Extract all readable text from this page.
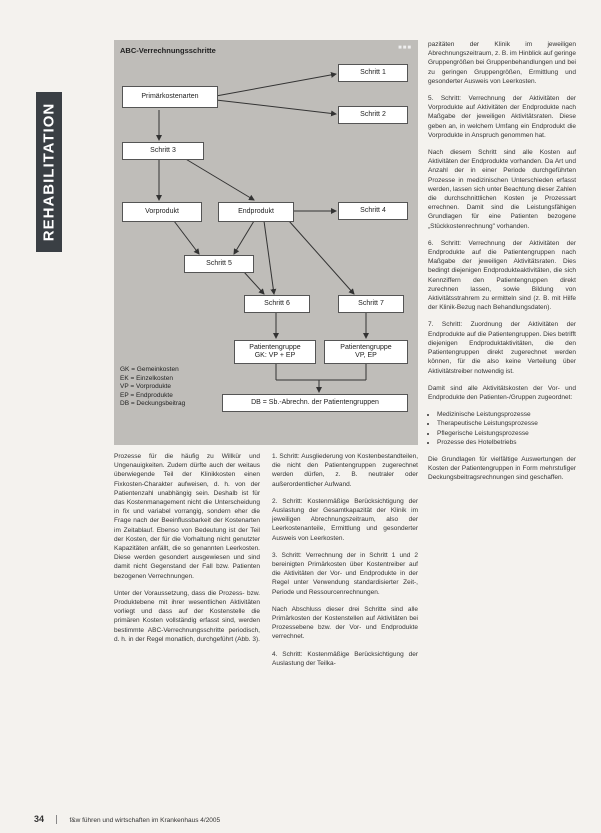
REHABILITATION
ABC-Verrechnungsschritte	■■■
Primärkostenarten
Schritt 1
Schritt 2
Schritt 3
Vorprodukt	Endprodukt	Schritt 4
Schritt 5
Schritt 6	Schritt 7
Patientengruppe
GK: VP + EP
Patientengruppe
VP, EP
DB = Sb.-Abrechn. der Patientengruppen
GK = Gemeinkosten
EK = Einzelkosten
VP = Vorprodukte
EP = Endprodukte
DB = Deckungsbeitrag

Prozesse für die häufig zu Willkür und Ungenauigkeiten. Zudem dürfte auch der weitaus überwiegende Teil der Klinikkosten einen Fixkosten-Charakter aufweisen, d. h. von der Patientenzahl unabhängig sein. Deshalb ist für das Kostenmanagement nicht die Unterscheidung in fix und variabel vorrangig, sondern eher die Frage nach der Beeinflussbarkeit der Kostenarten im Zeitablauf. Ebenso von Bedeutung ist der Teil der Kosten, der für die Vorhaltung nicht genutzter Kapazitäten anfällt, die so genannten Leerkosten. Diese werden gesondert ausgewiesen und sind damit nicht Gegenstand der Fall bzw. Patienten bezogenen Verrechnungen.

Unter der Voraussetzung, dass die Prozess- bzw. Produktebene mit ihrer wesentlichen Aktivitäten vorliegt und dass auf der Kostenstelle die primären Kosten vollständig erfasst sind, werden bestimmte ABC-Verrechnungsschritte periodisch, d. h. in der Regel monatlich, durchgeführt (Abb. 3).

1. Schritt: Ausgliederung von Kostenbestandteilen, die nicht den Patientengruppen zugerechnet werden dürfen, z. B. neutraler oder außerordentlicher Aufwand.

2. Schritt: Kostenmäßige Berücksichtigung der Auslastung der Gesamtkapazität der Klinik im jeweiligen Abrechnungszeitraum, also der Leerkostenanteile, Ermittlung und gesonderter Ausweis von Leerkosten.

3. Schritt: Verrechnung der in Schritt 1 und 2 bereinigten Primärkosten über Kostentreiber auf die Aktivitäten der Vor- und Endprodukte in der Regel unter Verwendung standardisierter Zeit-, Periode und Ressourcenrechnungen.

Nach Abschluss dieser drei Schritte sind alle Primärkosten der Kostenstellen auf Aktivitäten bei Prozessebene bzw. der Vor- und Endprodukte verrechnet.

4. Schritt: Kostenmäßige Berücksichtigung der Auslastung der Teilka-

pazitäten der Klinik im jeweiligen Abrechnungszeitraum, z. B. im Hinblick auf geringe Gruppengrößen bei Gruppenbehandlungen und bei zu geringen Gruppengrößen, Ermittlung und gesonderter Ausweis von Leerkosten.

5. Schritt: Verrechnung der Aktivitäten der Vorprodukte auf Aktivitäten der Endprodukte nach Maßgabe der jeweiligen Aktivitätsraten. Diese geben an, in welchem Umfang ein Endprodukt die Vorprodukte in Anspruch genommen hat.

Nach diesem Schritt sind alle Kosten auf Aktivitäten der Endprodukte vorhanden. Da Art und Anzahl der in einer Periode durchgeführten Prozesse in medizinischen Unterschieden erfasst werden, lassen sich unter Beachtung dieser Zahlen die durchschnittlichen Kosten je Prozessart errechnen. Damit sind die Leistungsfähigen Grundlagen für eine Patienten bezogene „Stückkostenrechnung" vorhanden.

6. Schritt: Verrechnung der Aktivitäten der Endprodukte auf die Patientengruppen nach Maßgabe der jeweiligen Aktivitätsraten. Dies bedingt diejenigen Endprodukteaktivitäten, die sich Kennziffern den Patientengruppen direkt zurechnen lassen, sowie Bildung von Aktivitätsstrahrem zu ermitteln sind (z. B. mit Hilfe der Klinik-Bezug nach Behandlungsdaten).

7. Schritt: Zuordnung der Aktivitäten der Endprodukte auf die Patientengruppen. Dies betrifft diejenigen Endproduktaktivitäten, die den Patientengruppen direkt zugerechnet werden können, für die also keine Verteilung über Aktivitätstreiber notwendig ist.

Damit sind alle Aktivitätskosten der Vor- und Endprodukte den Patienten-/Gruppen zugeordnet:

• Medizinische Leistungsprozesse
• Therapeutische Leistungsprozesse
• Pflegerische Leistungsprozesse
• Prozesse des Hotelbetriebs

Die Grundlagen für vielfältige Auswertungen der Kosten der Patientengruppen in Form mehrstufiger Deckungsbeitragsrechnungen sind geschaffen.

34	f&w führen und wirtschaften im Krankenhaus 4/2005
